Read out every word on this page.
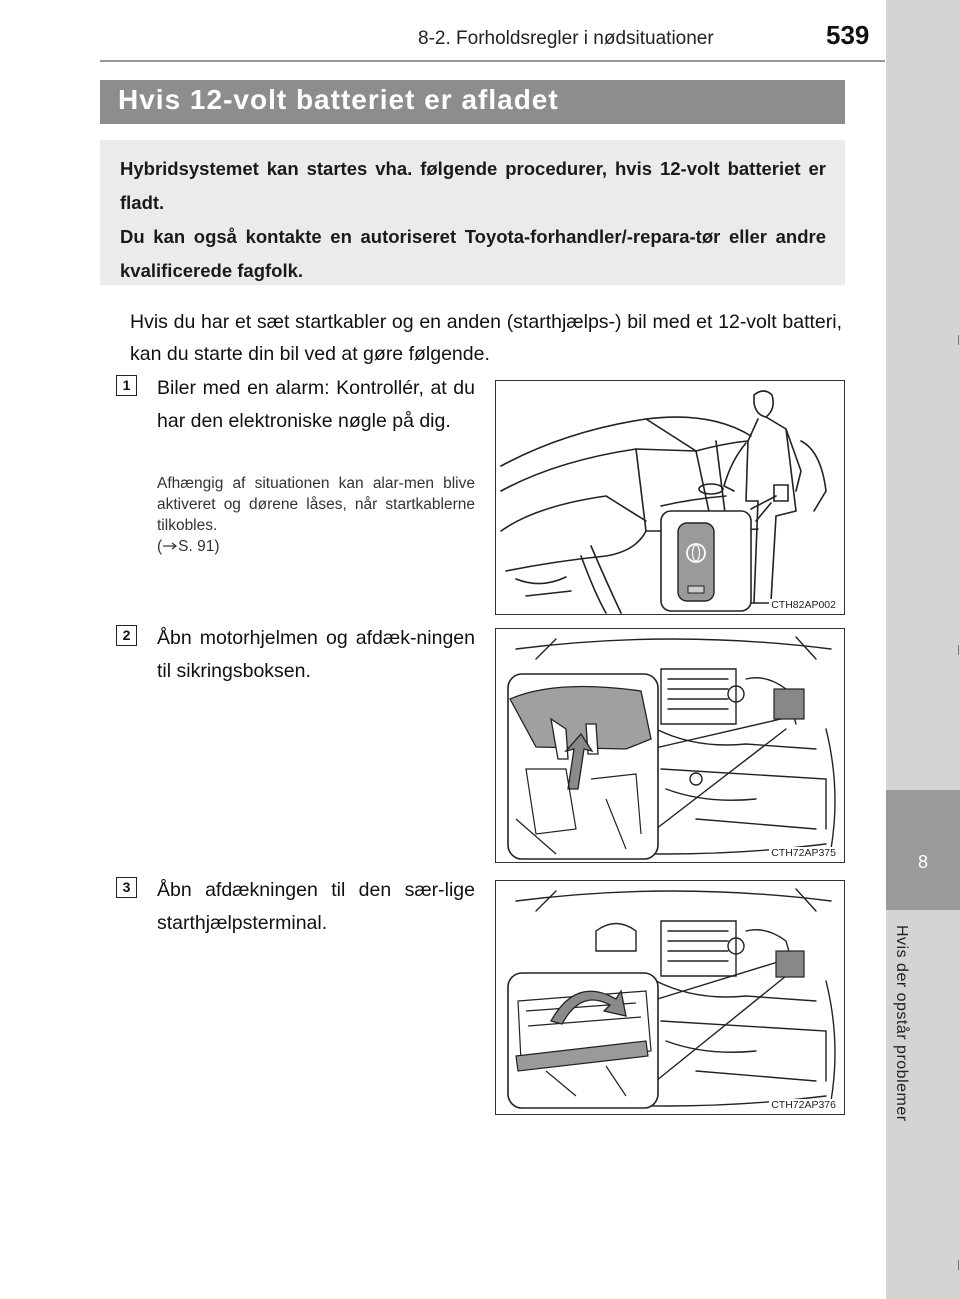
8-2. Forholdsregler i nødsituationer	539
8
Hvis der opstår problemer
Hvis 12-volt batteriet er afladet
Hybridsystemet kan startes vha. følgende procedurer, hvis 12-volt batteriet er fladt.
Du kan også kontakte en autoriseret Toyota-forhandler/-repara-tør eller andre kvalificerede fagfolk.
Hvis du har et sæt startkabler og en anden (starthjælps-) bil med et 12-volt batteri, kan du starte din bil ved at gøre følgende.
1	Biler med en alarm: Kontrollér, at du har den elektroniske nøgle på dig.
Afhængig af situationen kan alar-men blive aktiveret og dørene låses, når startkablerne tilkobles.
( S. 91)
CTH82AP002
2	Åbn motorhjelmen og afdæk-ningen til sikringsboksen.
CTH72AP375
3	Åbn afdækningen til den sær-lige starthjælpsterminal.
CTH72AP376
